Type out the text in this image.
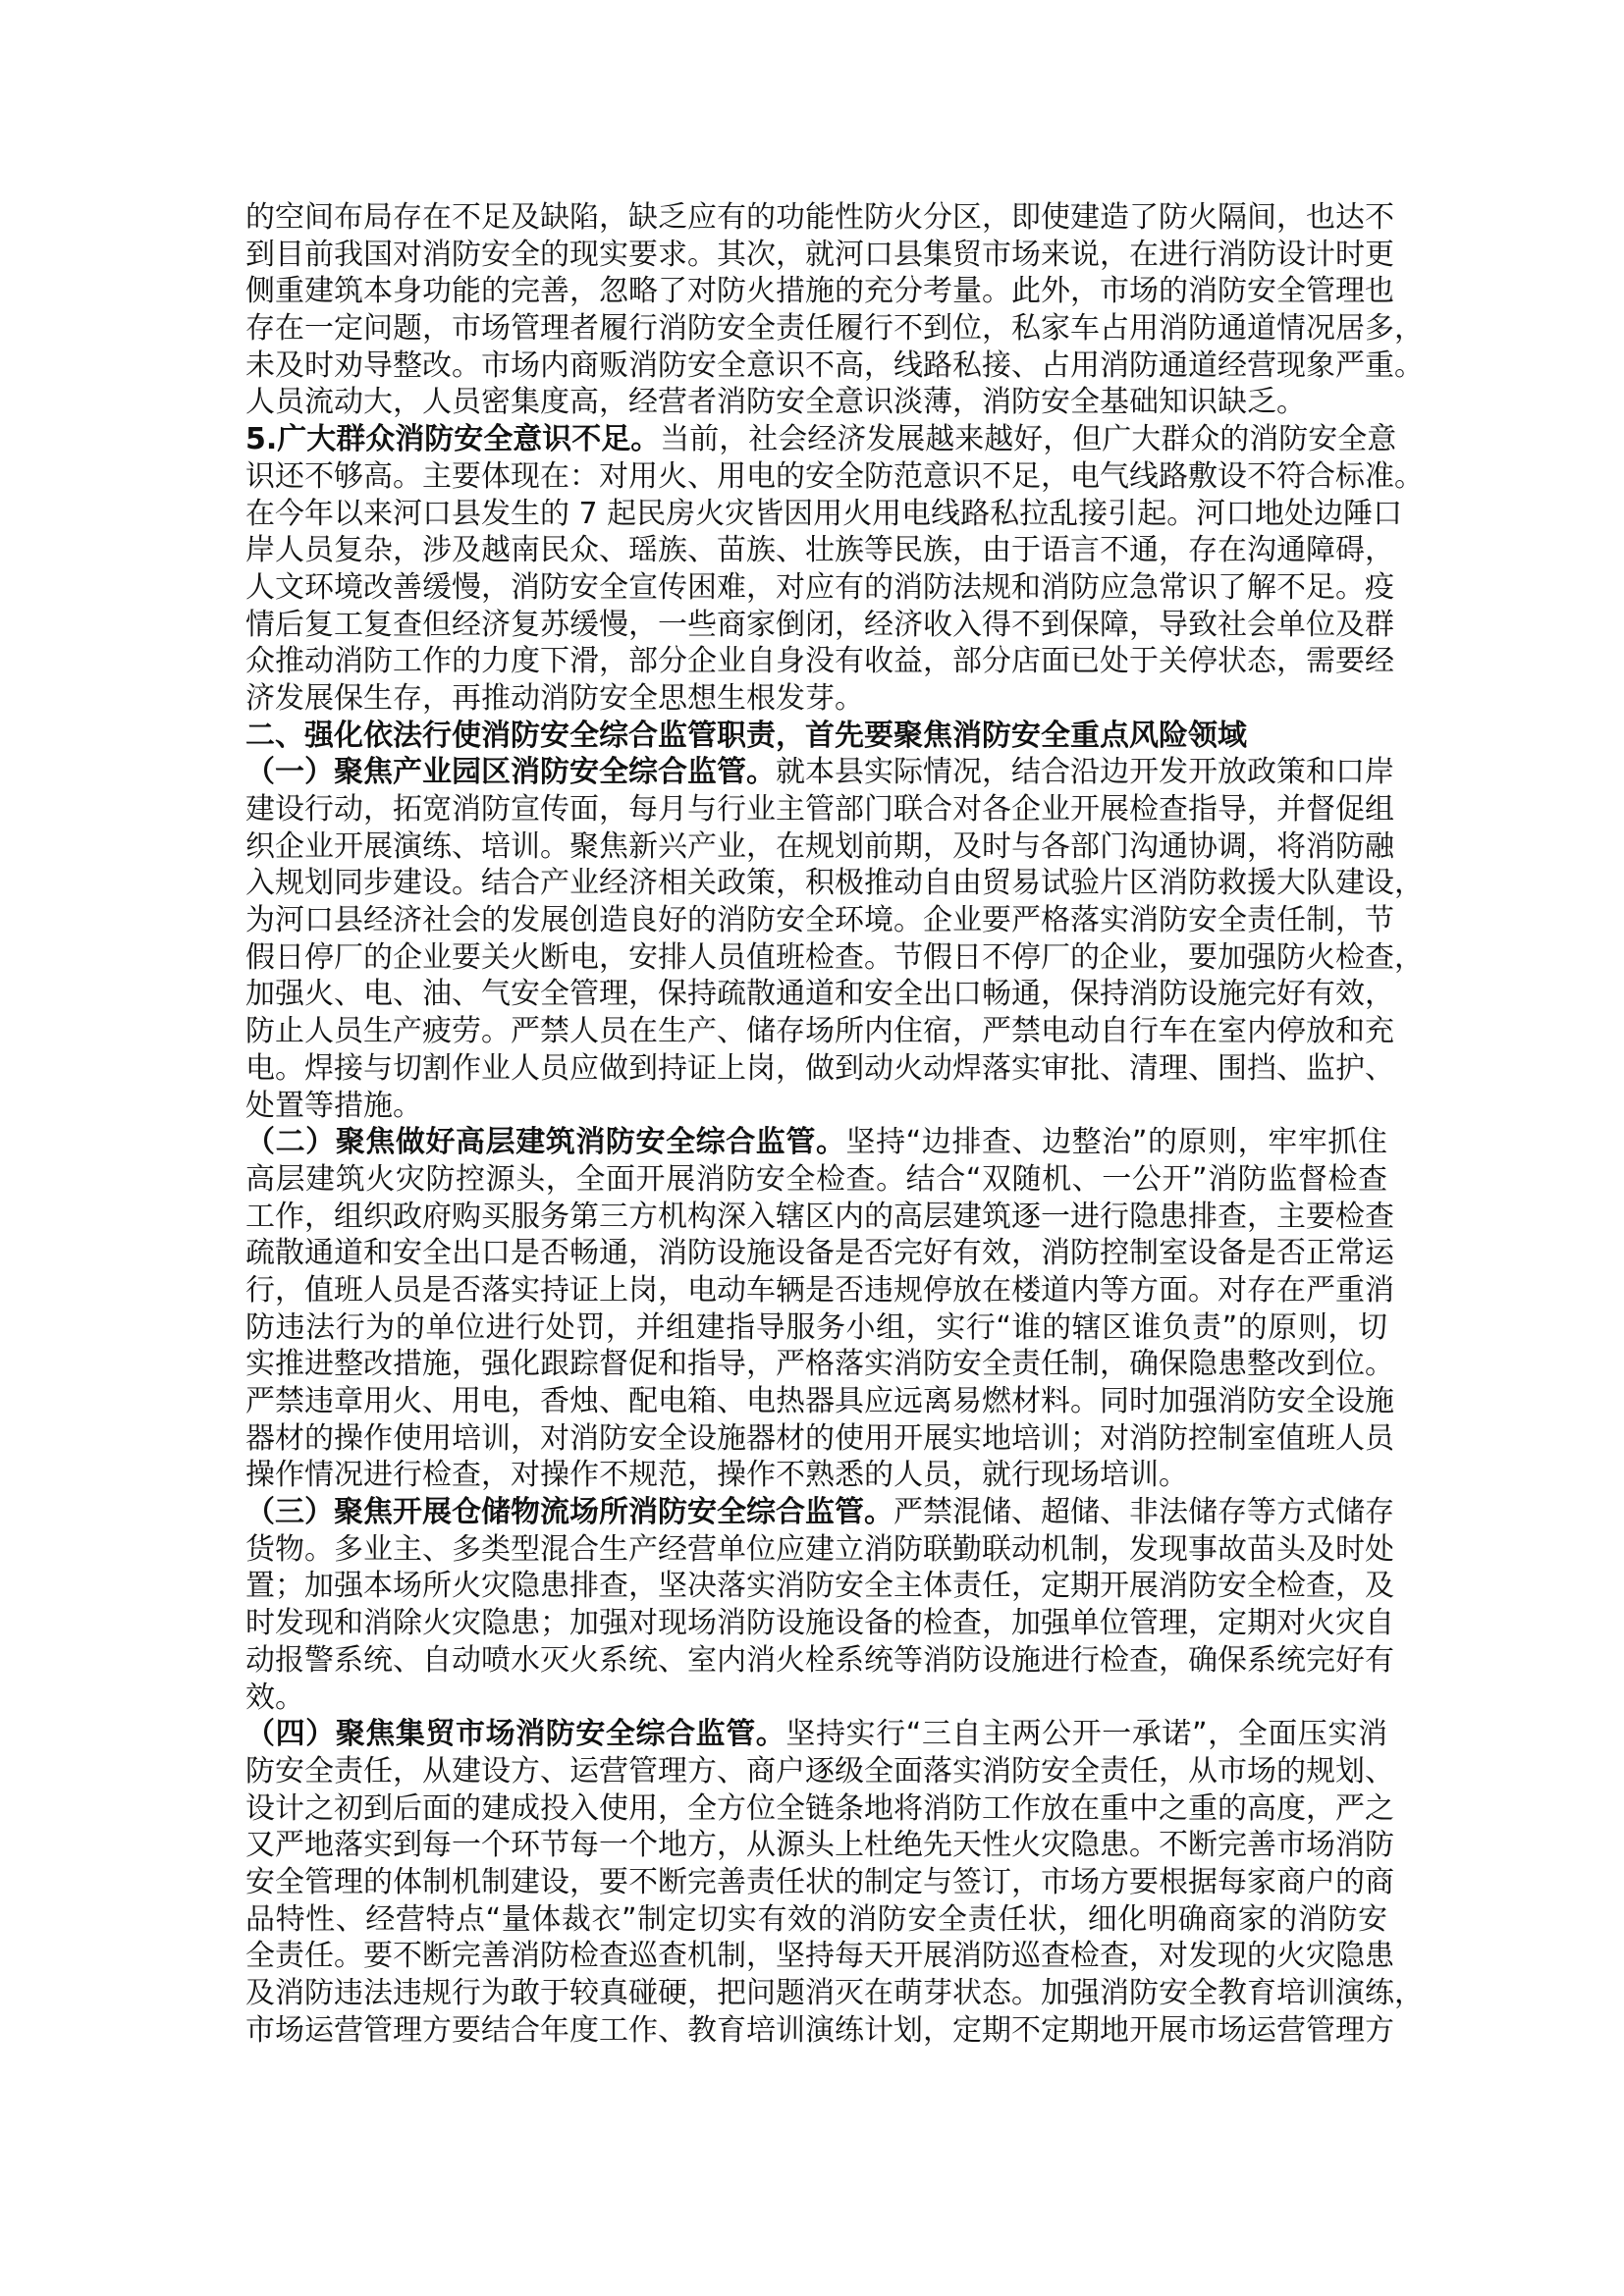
的空间布局存在不足及缺陷，缺乏应有的功能性防火分区，即使建造了防火隔间，也达不
到目前我国对消防安全的现实要求。其次，就河口县集贸市场来说，在进行消防设计时更
侧重建筑本身功能的完善，忽略了对防火措施的充分考量。此外，市场的消防安全管理也
存在一定问题，市场管理者履行消防安全责任履行不到位，私家车占用消防通道情况居多，
未及时劝导整改。市场内商贩消防安全意识不高，线路私接、占用消防通道经营现象严重。
人员流动大，人员密集度高，经营者消防安全意识淡薄，消防安全基础知识缺乏。
5.广大群众消防安全意识不足。当前，社会经济发展越来越好，但广大群众的消防安全意
识还不够高。主要体现在：对用火、用电的安全防范意识不足，电气线路敷设不符合标准。
在今年以来河口县发生的 7 起民房火灾皆因用火用电线路私拉乱接引起。河口地处边陲口
岸人员复杂，涉及越南民众、瑶族、苗族、壮族等民族，由于语言不通，存在沟通障碍，
人文环境改善缓慢，消防安全宣传困难，对应有的消防法规和消防应急常识了解不足。疫
情后复工复查但经济复苏缓慢，一些商家倒闭，经济收入得不到保障，导致社会单位及群
众推动消防工作的力度下滑，部分企业自身没有收益，部分店面已处于关停状态，需要经
济发展保生存，再推动消防安全思想生根发芽。
二、强化依法行使消防安全综合监管职责，首先要聚焦消防安全重点风险领域
（一）聚焦产业园区消防安全综合监管。就本县实际情况，结合沿边开发开放政策和口岸
建设行动，拓宽消防宣传面，每月与行业主管部门联合对各企业开展检查指导，并督促组
织企业开展演练、培训。聚焦新兴产业，在规划前期，及时与各部门沟通协调，将消防融
入规划同步建设。结合产业经济相关政策，积极推动自由贸易试验片区消防救援大队建设，
为河口县经济社会的发展创造良好的消防安全环境。企业要严格落实消防安全责任制，节
假日停厂的企业要关火断电，安排人员值班检查。节假日不停厂的企业，要加强防火检查，
加强火、电、油、气安全管理，保持疏散通道和安全出口畅通，保持消防设施完好有效，
防止人员生产疲劳。严禁人员在生产、储存场所内住宿，严禁电动自行车在室内停放和充
电。焊接与切割作业人员应做到持证上岗，做到动火动焊落实审批、清理、围挡、监护、
处置等措施。
（二）聚焦做好高层建筑消防安全综合监管。坚持“边排查、边整治”的原则，牢牢抓住
高层建筑火灾防控源头，全面开展消防安全检查。结合“双随机、一公开”消防监督检查
工作，组织政府购买服务第三方机构深入辖区内的高层建筑逐一进行隐患排查，主要检查
疏散通道和安全出口是否畅通，消防设施设备是否完好有效，消防控制室设备是否正常运
行，值班人员是否落实持证上岗，电动车辆是否违规停放在楼道内等方面。对存在严重消
防违法行为的单位进行处罚，并组建指导服务小组，实行“谁的辖区谁负责”的原则，切
实推进整改措施，强化跟踪督促和指导，严格落实消防安全责任制，确保隐患整改到位。
严禁违章用火、用电，香烛、配电箱、电热器具应远离易燃材料。同时加强消防安全设施
器材的操作使用培训，对消防安全设施器材的使用开展实地培训；对消防控制室值班人员
操作情况进行检查，对操作不规范，操作不熟悉的人员，就行现场培训。
（三）聚焦开展仓储物流场所消防安全综合监管。严禁混储、超储、非法储存等方式储存
货物。多业主、多类型混合生产经营单位应建立消防联勤联动机制，发现事故苗头及时处
置；加强本场所火灾隐患排查，坚决落实消防安全主体责任，定期开展消防安全检查，及
时发现和消除火灾隐患；加强对现场消防设施设备的检查，加强单位管理，定期对火灾自
动报警系统、自动喷水灭火系统、室内消火栓系统等消防设施进行检查，确保系统完好有
效。
（四）聚焦集贸市场消防安全综合监管。坚持实行“三自主两公开一承诺”，全面压实消
防安全责任，从建设方、运营管理方、商户逐级全面落实消防安全责任，从市场的规划、
设计之初到后面的建成投入使用，全方位全链条地将消防工作放在重中之重的高度，严之
又严地落实到每一个环节每一个地方，从源头上杜绝先天性火灾隐患。不断完善市场消防
安全管理的体制机制建设，要不断完善责任状的制定与签订，市场方要根据每家商户的商
品特性、经营特点“量体裁衣”制定切实有效的消防安全责任状，细化明确商家的消防安
全责任。要不断完善消防检查巡查机制，坚持每天开展消防巡查检查，对发现的火灾隐患
及消防违法违规行为敢于较真碰硬，把问题消灭在萌芽状态。加强消防安全教育培训演练，
市场运营管理方要结合年度工作、教育培训演练计划，定期不定期地开展市场运营管理方
